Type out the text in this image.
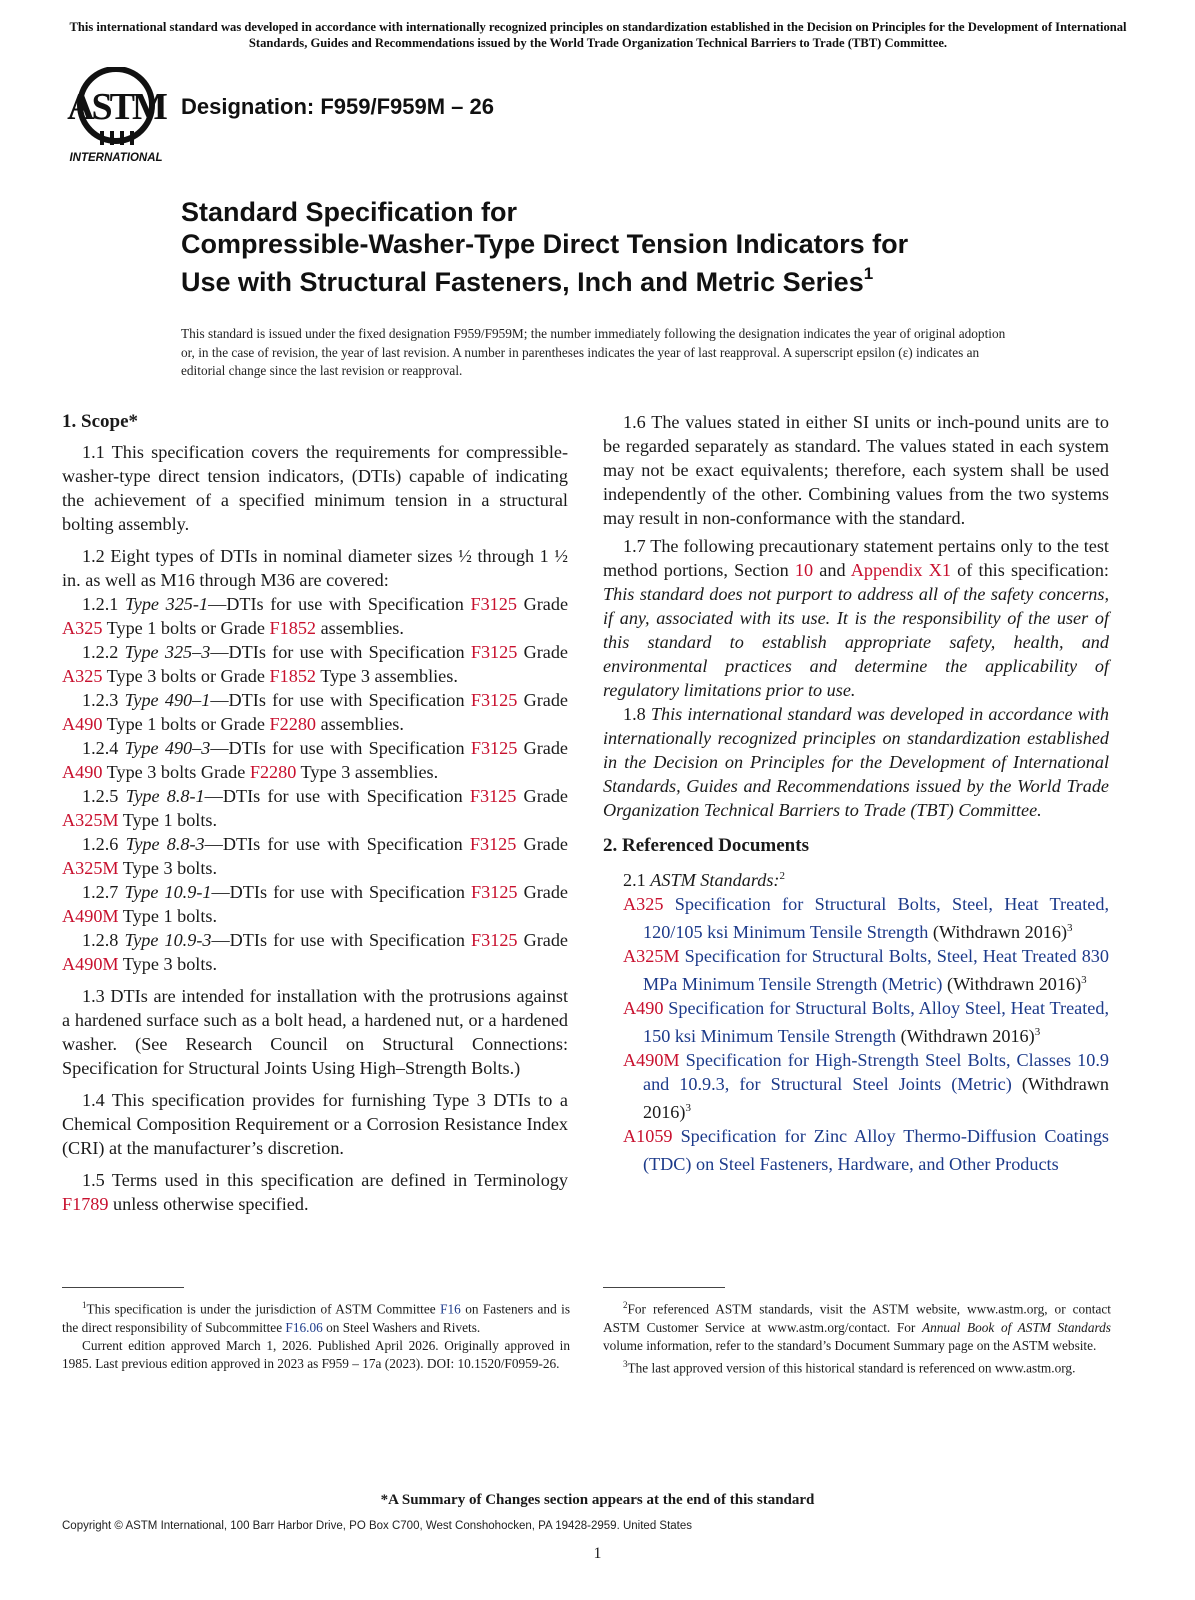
This international standard was developed in accordance with internationally recognized principles on standardization established in the Decision on Principles for the Development of International Standards, Guides and Recommendations issued by the World Trade Organization Technical Barriers to Trade (TBT) Committee.
ASTM
INTERNATIONAL
Designation: F959/F959M – 26
Standard Specification for
Compressible-Washer-Type Direct Tension Indicators for
Use with Structural Fasteners, Inch and Metric Series$^1$
This standard is issued under the fixed designation F959/F959M; the number immediately following the designation indicates the year of original adoption or, in the case of revision, the year of last revision. A number in parentheses indicates the year of last reapproval. A superscript epsilon (ε) indicates an editorial change since the last revision or reapproval.
1. Scope*

1.1 This specification covers the requirements for compressible-washer-type direct tension indicators, (DTIs) capable of indicating the achievement of a specified minimum tension in a structural bolting assembly.

1.2 Eight types of DTIs in nominal diameter sizes ½ through 1 ½ in. as well as M16 through M36 are covered:

1.2.1 Type 325-1—DTIs for use with Specification F3125 Grade A325 Type 1 bolts or Grade F1852 assemblies.

1.2.2 Type 325–3—DTIs for use with Specification F3125 Grade A325 Type 3 bolts or Grade F1852 Type 3 assemblies.

1.2.3 Type 490–1—DTIs for use with Specification F3125 Grade A490 Type 1 bolts or Grade F2280 assemblies.

1.2.4 Type 490–3—DTIs for use with Specification F3125 Grade A490 Type 3 bolts Grade F2280 Type 3 assemblies.

1.2.5 Type 8.8-1—DTIs for use with Specification F3125 Grade A325M Type 1 bolts.

1.2.6 Type 8.8-3—DTIs for use with Specification F3125 Grade A325M Type 3 bolts.

1.2.7 Type 10.9-1—DTIs for use with Specification F3125 Grade A490M Type 1 bolts.

1.2.8 Type 10.9-3—DTIs for use with Specification F3125 Grade A490M Type 3 bolts.

1.3 DTIs are intended for installation with the protrusions against a hardened surface such as a bolt head, a hardened nut, or a hardened washer. (See Research Council on Structural Connections: Specification for Structural Joints Using High–Strength Bolts.)

1.4 This specification provides for furnishing Type 3 DTIs to a Chemical Composition Requirement or a Corrosion Resistance Index (CRI) at the manufacturer’s discretion.

1.5 Terms used in this specification are defined in Terminology F1789 unless otherwise specified.

1.6 The values stated in either SI units or inch-pound units are to be regarded separately as standard. The values stated in each system may not be exact equivalents; therefore, each system shall be used independently of the other. Combining values from the two systems may result in non-conformance with the standard.

1.7 The following precautionary statement pertains only to the test method portions, Section 10 and Appendix X1 of this specification: This standard does not purport to address all of the safety concerns, if any, associated with its use. It is the responsibility of the user of this standard to establish appropriate safety, health, and environmental practices and determine the applicability of regulatory limitations prior to use.

1.8 This international standard was developed in accordance with internationally recognized principles on standardization established in the Decision on Principles for the Development of International Standards, Guides and Recommendations issued by the World Trade Organization Technical Barriers to Trade (TBT) Committee.

2. Referenced Documents

2.1 ASTM Standards:$^2$

A325 Specification for Structural Bolts, Steel, Heat Treated, 120/105 ksi Minimum Tensile Strength (Withdrawn 2016)$^3$

A325M Specification for Structural Bolts, Steel, Heat Treated 830 MPa Minimum Tensile Strength (Metric) (Withdrawn 2016)$^3$

A490 Specification for Structural Bolts, Alloy Steel, Heat Treated, 150 ksi Minimum Tensile Strength (Withdrawn 2016)$^3$

A490M Specification for High-Strength Steel Bolts, Classes 10.9 and 10.9.3, for Structural Steel Joints (Metric) (Withdrawn 2016)$^3$

A1059 Specification for Zinc Alloy Thermo-Diffusion Coatings (TDC) on Steel Fasteners, Hardware, and Other Products

$^1$This specification is under the jurisdiction of ASTM Committee F16 on Fasteners and is the direct responsibility of Subcommittee F16.06 on Steel Washers and Rivets.

Current edition approved March 1, 2026. Published April 2026. Originally approved in 1985. Last previous edition approved in 2023 as F959 – 17a (2023). DOI: 10.1520/F0959-26.

$^2$For referenced ASTM standards, visit the ASTM website, www.astm.org, or contact ASTM Customer Service at www.astm.org/contact. For Annual Book of ASTM Standards volume information, refer to the standard’s Document Summary page on the ASTM website.

$^3$The last approved version of this historical standard is referenced on www.astm.org.

*A Summary of Changes section appears at the end of this standard
Copyright © ASTM International, 100 Barr Harbor Drive, PO Box C700, West Conshohocken, PA 19428-2959. United States
1
